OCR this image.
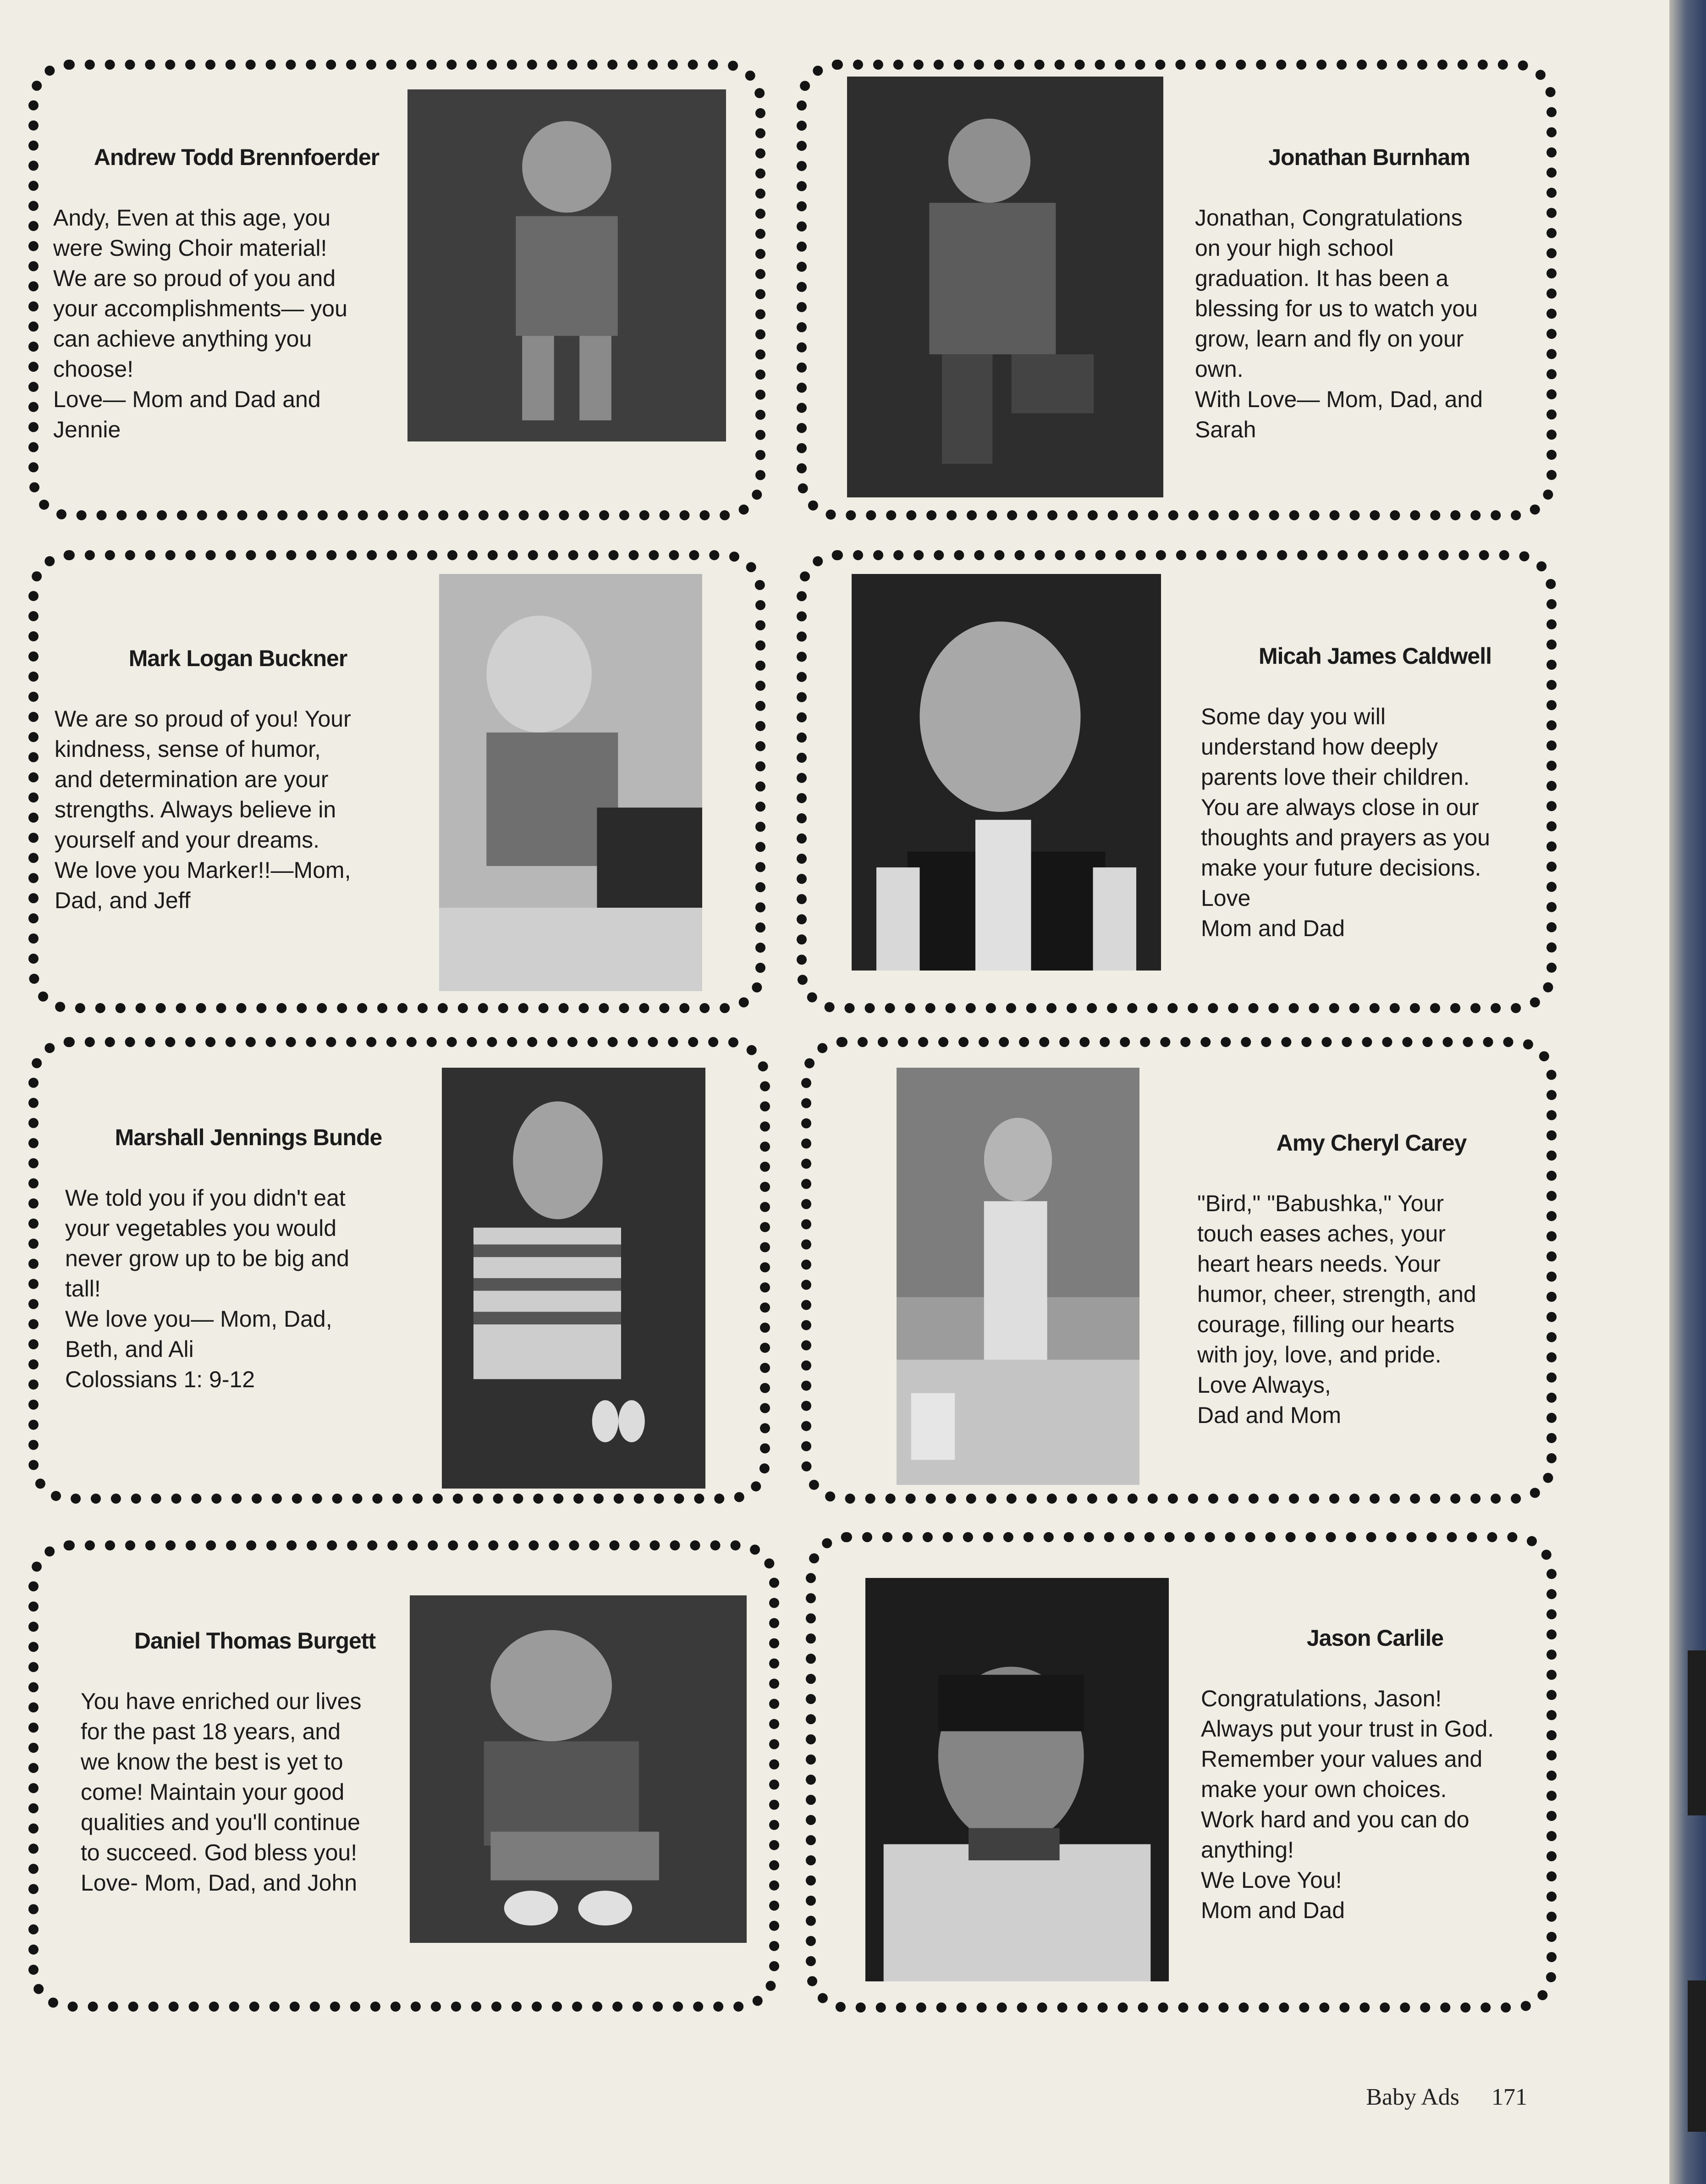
Andrew Todd Brennfoerder

Andy, Even at this age, you
were Swing Choir material!
We are so proud of you and
your accomplishments— you
can achieve anything you
choose!
Love— Mom and Dad and
Jennie

Jonathan Burnham

Jonathan, Congratulations
on your high school
graduation. It has been a
blessing for us to watch you
grow, learn and fly on your
own.
With Love— Mom, Dad, and
Sarah

Mark Logan Buckner

We are so proud of you! Your
kindness, sense of humor,
and determination are your
strengths. Always believe in
yourself and your dreams.
We love you Marker!!—Mom,
Dad, and Jeff

Micah James Caldwell

Some day you will
understand how deeply
parents love their children.
You are always close in our
thoughts and prayers as you
make your future decisions.
Love
Mom and Dad

Marshall Jennings Bunde

We told you if you didn't eat
your vegetables you would
never grow up to be big and
tall!
We love you— Mom, Dad,
Beth, and Ali
Colossians 1: 9-12

Amy Cheryl Carey

"Bird," "Babushka," Your
touch eases aches, your
heart hears needs. Your
humor, cheer, strength, and
courage, filling our hearts
with joy, love, and pride.
Love Always,
Dad and Mom

Daniel Thomas Burgett

You have enriched our lives
for the past 18 years, and
we know the best is yet to
come! Maintain your good
qualities and you'll continue
to succeed. God bless you!
Love- Mom, Dad, and John

Jason Carlile

Congratulations, Jason!
Always put your trust in God.
Remember your values and
make your own choices.
Work hard and you can do
anything!
We Love You!
Mom and Dad

Baby Ads 171
